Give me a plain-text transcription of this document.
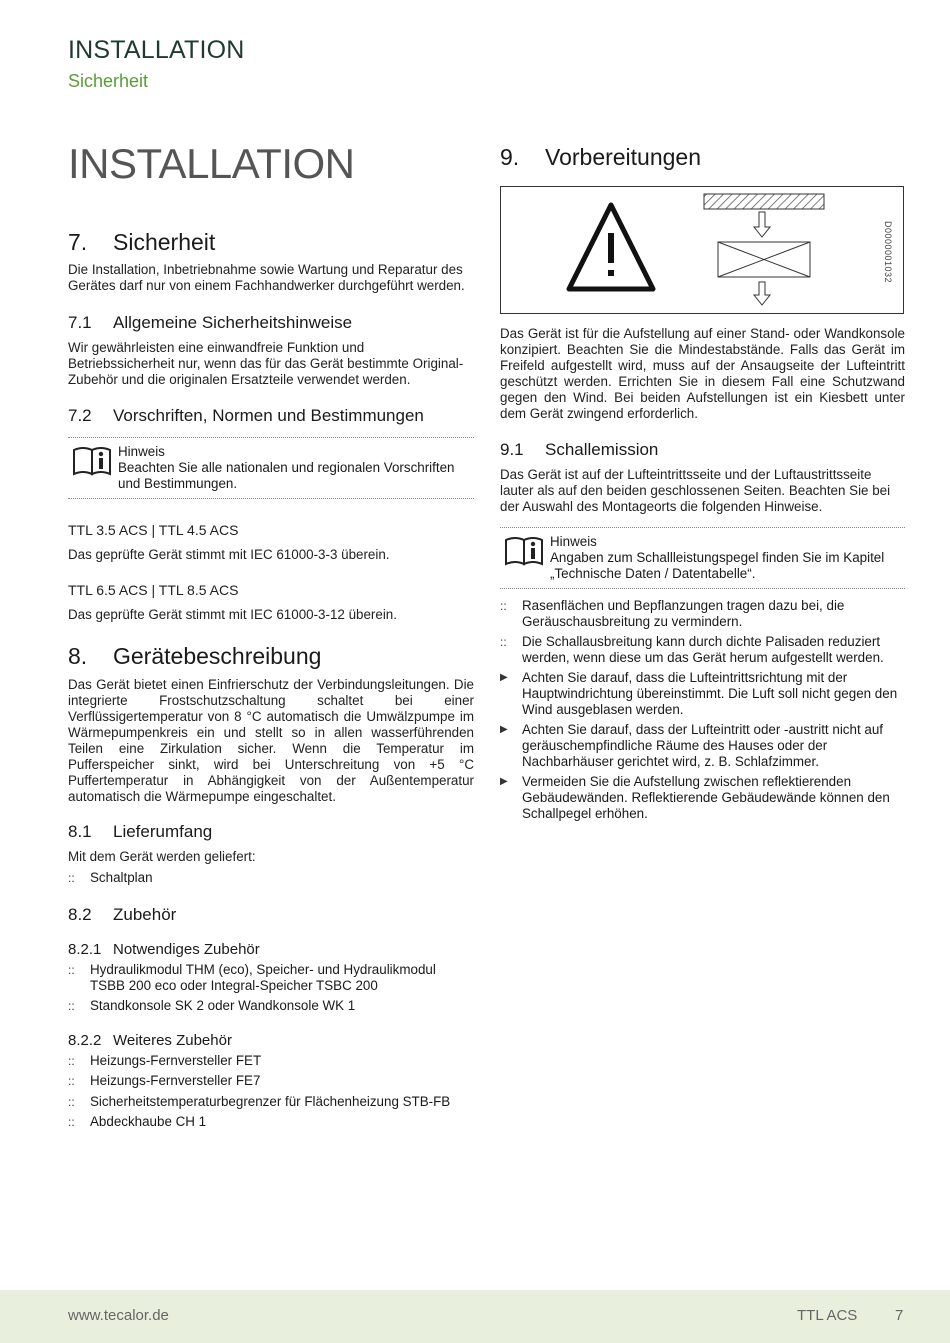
INSTALLATION
Sicherheit
INSTALLATION
7. Sicherheit
Die Installation, Inbetriebnahme sowie Wartung und Reparatur des Gerätes darf nur von einem Fachhandwerker durchgeführt werden.
7.1 Allgemeine Sicherheitshinweise
Wir gewährleisten eine einwandfreie Funktion und Betriebssicherheit nur, wenn das für das Gerät bestimmte Original-Zubehör und die originalen Ersatzteile verwendet werden.
7.2 Vorschriften, Normen und Bestimmungen
Hinweis
Beachten Sie alle nationalen und regionalen Vorschriften und Bestimmungen.
TTL 3.5 ACS | TTL 4.5 ACS
Das geprüfte Gerät stimmt mit IEC 61000-3-3 überein.
TTL 6.5 ACS | TTL 8.5 ACS
Das geprüfte Gerät stimmt mit IEC 61000-3-12 überein.
8. Gerätebeschreibung
Das Gerät bietet einen Einfrierschutz der Verbindungsleitungen. Die integrierte Frostschutzschaltung schaltet bei einer Verflüssigertemperatur von 8 °C automatisch die Umwälzpumpe im Wärmepumpenkreis ein und stellt so in allen wasserführenden Teilen eine Zirkulation sicher. Wenn die Temperatur im Pufferspeicher sinkt, wird bei Unterschreitung von +5 °C Puffertemperatur in Abhängigkeit von der Außentemperatur automatisch die Wärmepumpe eingeschaltet.
8.1 Lieferumfang
Mit dem Gerät werden geliefert:
::	Schaltplan
8.2 Zubehör
8.2.1 Notwendiges Zubehör
::	Hydraulikmodul THM (eco), Speicher- und Hydraulikmodul TSBB 200 eco oder Integral-Speicher TSBC 200
::	Standkonsole SK 2 oder Wandkonsole WK 1
8.2.2 Weiteres Zubehör
::	Heizungs-Fernversteller FET
::	Heizungs-Fernversteller FE7
::	Sicherheitstemperaturbegrenzer für Flächenheizung STB-FB
::	Abdeckhaube CH 1
9. Vorbereitungen
D0000001032
Das Gerät ist für die Aufstellung auf einer Stand- oder Wandkonsole konzipiert. Beachten Sie die Mindestabstände. Falls das Gerät im Freifeld aufgestellt wird, muss auf der Ansaugseite der Lufteintritt geschützt werden. Errichten Sie in diesem Fall eine Schutzwand gegen den Wind. Bei beiden Aufstellungen ist ein Kiesbett unter dem Gerät zwingend erforderlich.
9.1 Schallemission
Das Gerät ist auf der Lufteintrittsseite und der Luftaustrittsseite lauter als auf den beiden geschlossenen Seiten. Beachten Sie bei der Auswahl des Montageorts die folgenden Hinweise.
Hinweis
Angaben zum Schallleistungspegel finden Sie im Kapitel „Technische Daten / Datentabelle“.
::	Rasenflächen und Bepflanzungen tragen dazu bei, die Geräuschausbreitung zu vermindern.
::	Die Schallausbreitung kann durch dichte Palisaden reduziert werden, wenn diese um das Gerät herum aufgestellt werden.
▶	Achten Sie darauf, dass die Lufteintrittsrichtung mit der Hauptwindrichtung übereinstimmt. Die Luft soll nicht gegen den Wind ausgeblasen werden.
▶	Achten Sie darauf, dass der Lufteintritt oder -austritt nicht auf geräuschempfindliche Räume des Hauses oder der Nachbarhäuser gerichtet wird, z. B. Schlafzimmer.
▶	Vermeiden Sie die Aufstellung zwischen reflektierenden Gebäudewänden. Reflektierende Gebäudewände können den Schallpegel erhöhen.
www.tecalor.de	TTL ACS	7
